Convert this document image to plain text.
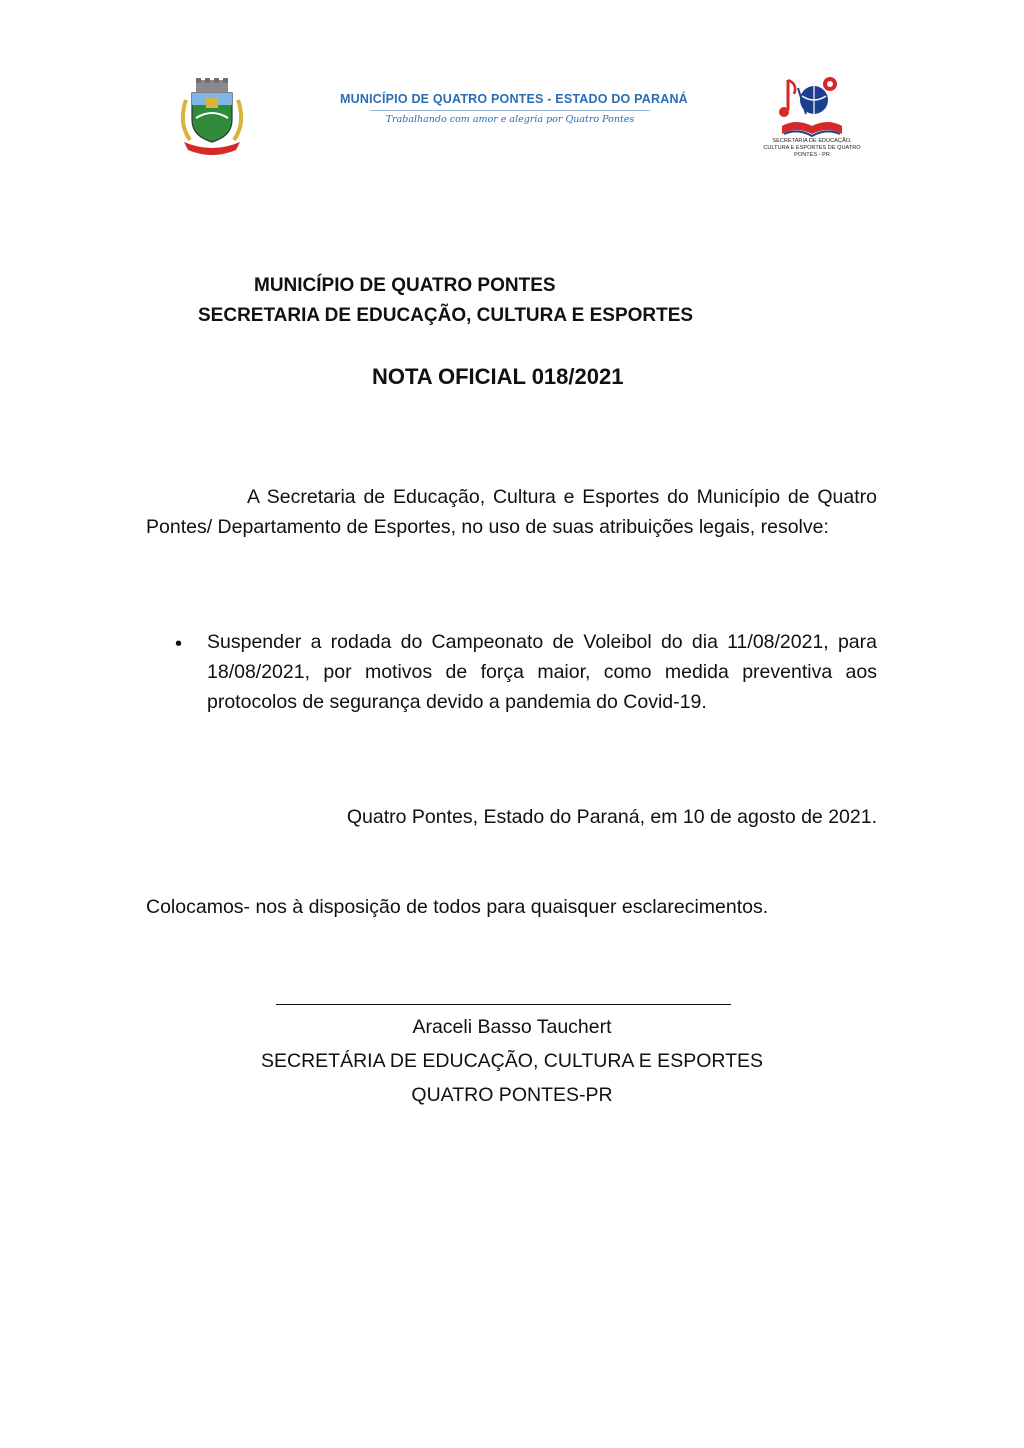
MUNICÍPIO DE QUATRO PONTES - ESTADO DO PARANÁ
Trabalhando com amor e alegria por Quatro Pontes
SECRETARIA DE EDUCAÇÃO, CULTURA E ESPORTES DE QUATRO PONTES - PR
MUNICÍPIO DE QUATRO PONTES
SECRETARIA DE EDUCAÇÃO, CULTURA E ESPORTES
NOTA OFICIAL 018/2021
A Secretaria de Educação, Cultura e Esportes do Município de Quatro Pontes/ Departamento de Esportes, no uso de suas atribuições legais, resolve:
• Suspender a rodada do Campeonato de Voleibol do dia 11/08/2021, para 18/08/2021, por motivos de força maior, como medida preventiva aos protocolos de segurança devido a pandemia do Covid-19.
Quatro Pontes, Estado do Paraná, em 10 de agosto de 2021.
Colocamos- nos à disposição de todos para quaisquer esclarecimentos.
Araceli Basso Tauchert
SECRETÁRIA DE EDUCAÇÃO, CULTURA E ESPORTES
QUATRO PONTES-PR
